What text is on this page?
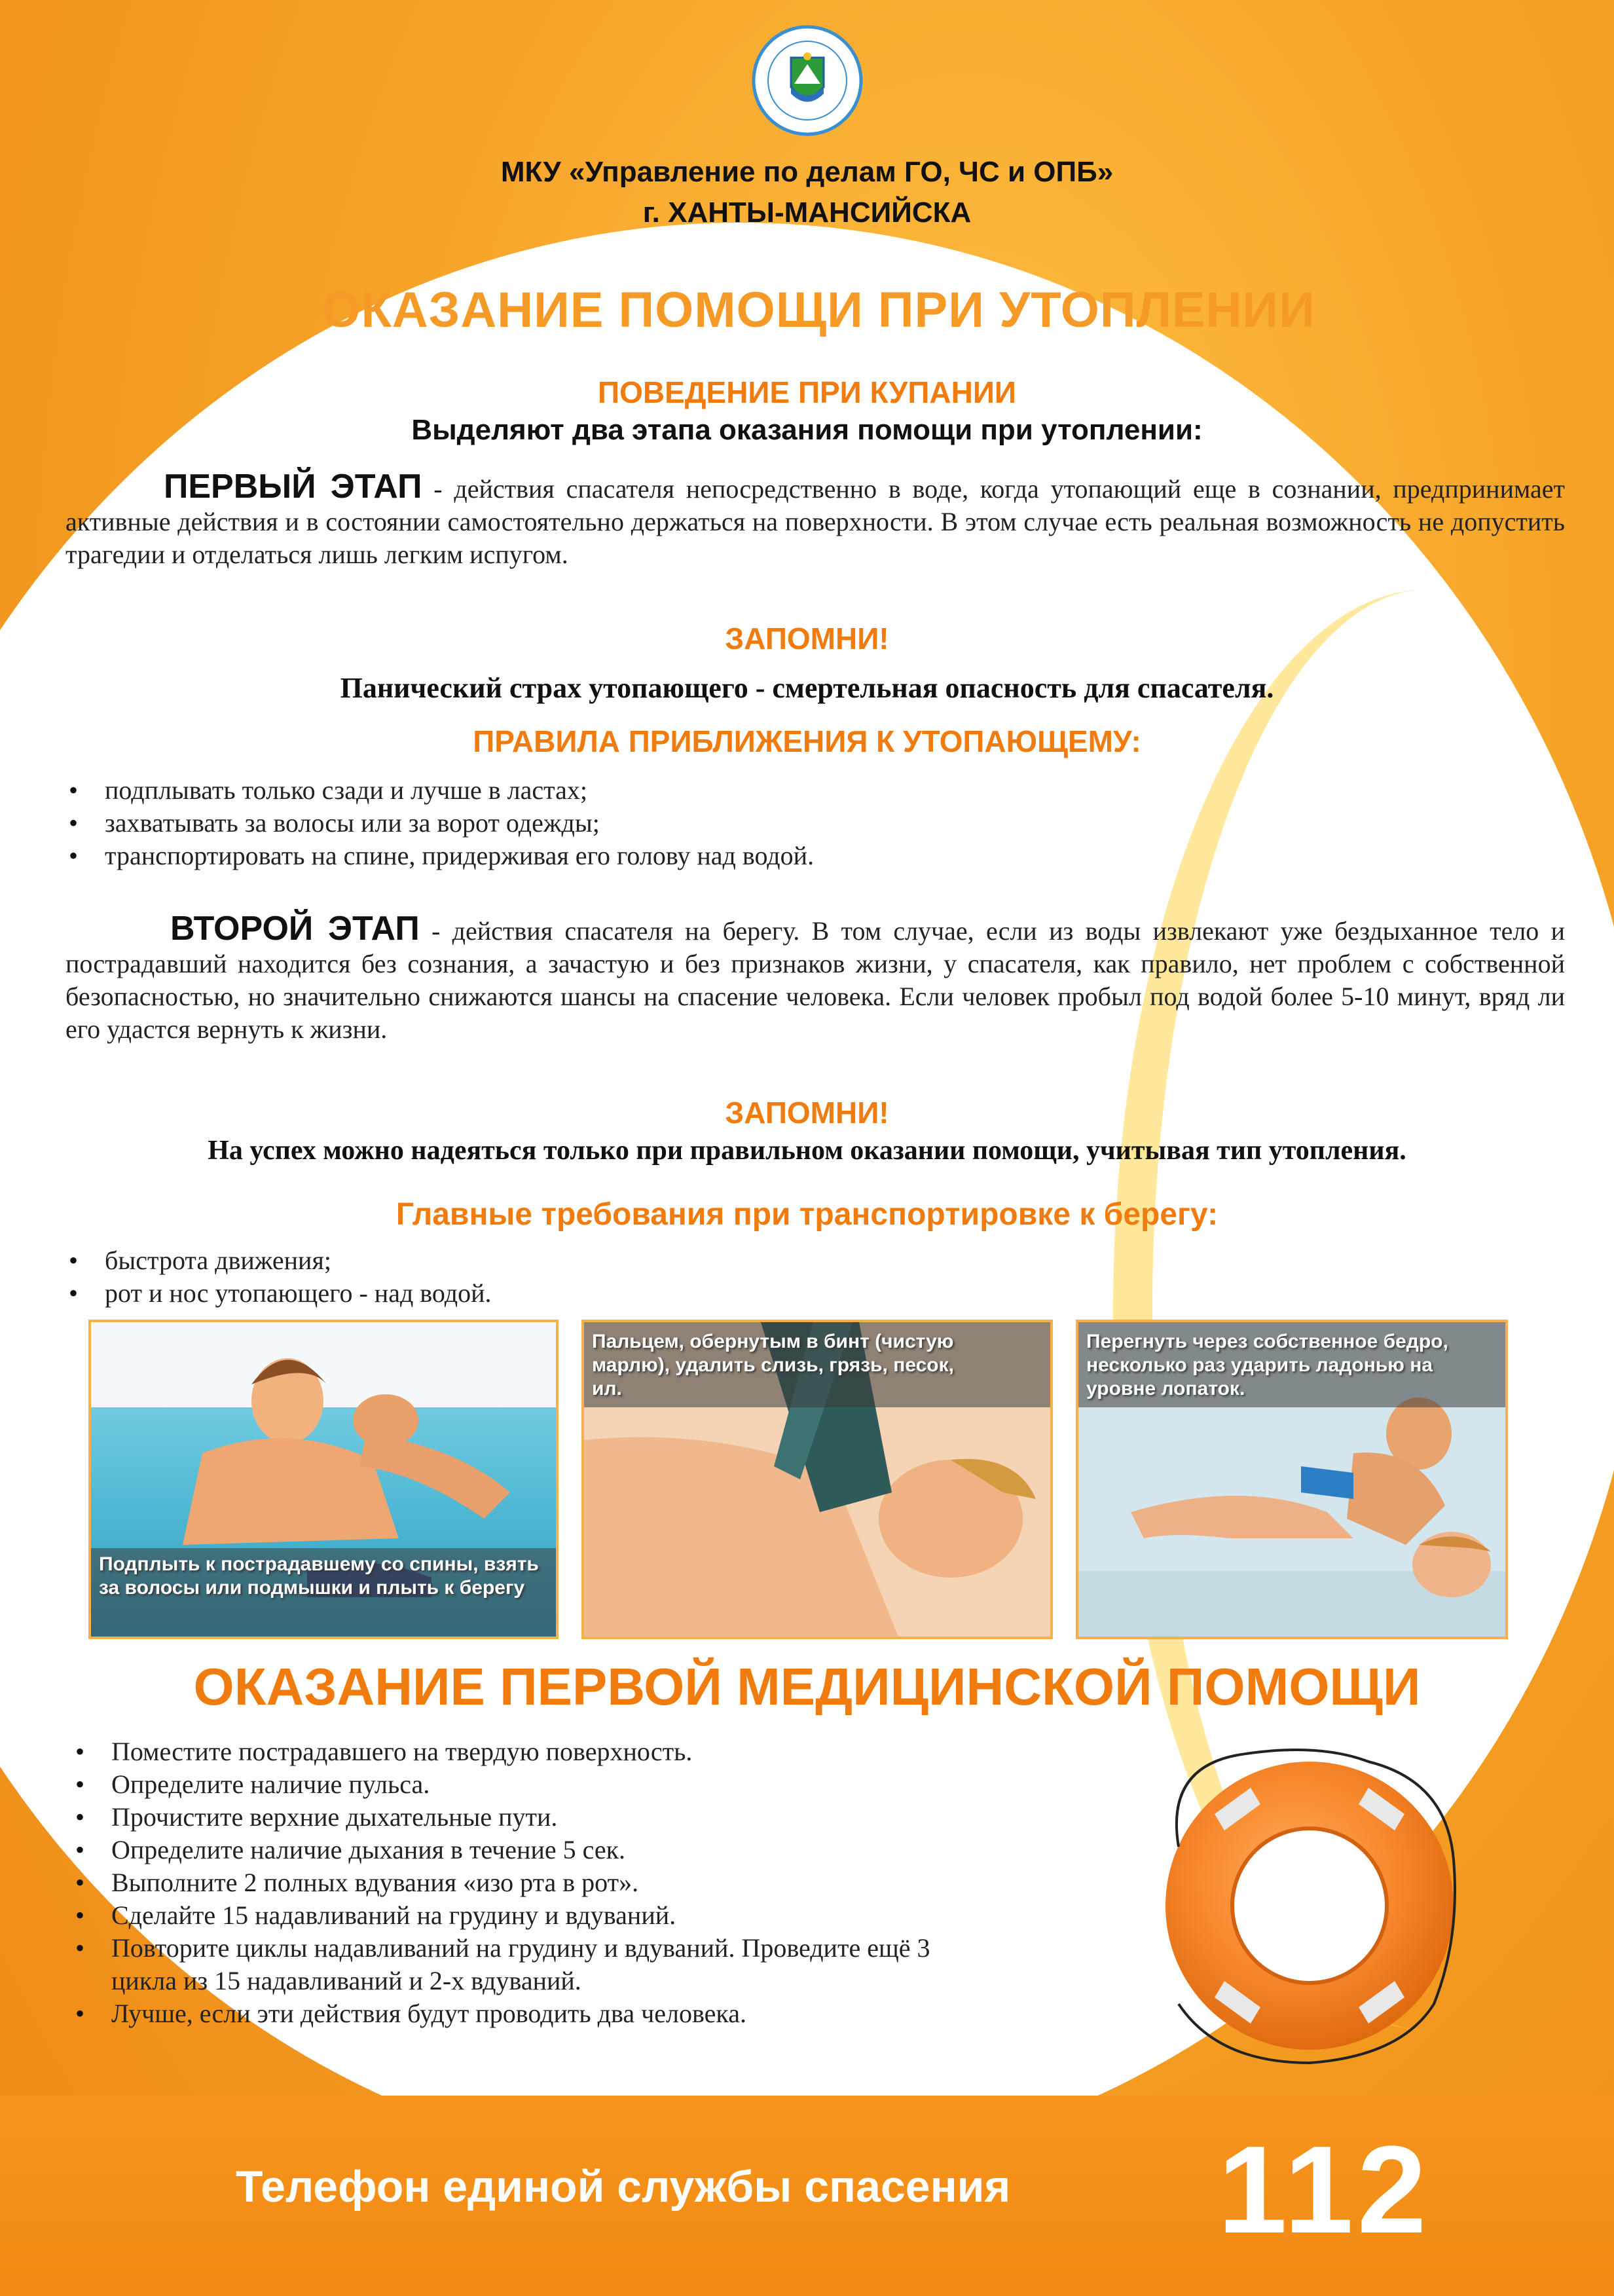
МКУ «Управление по делам ГО, ЧС и ОПБ»
г. ХАНТЫ-МАНСИЙСКА
ОКАЗАНИЕ ПОМОЩИ ПРИ УТОПЛЕНИИ
ПОВЕДЕНИЕ ПРИ КУПАНИИ
Выделяют два этапа оказания помощи при утоплении:
ПЕРВЫЙ ЭТАП - действия спасателя непосредственно в воде, когда утопающий еще в сознании, предпринимает активные действия и в состоянии самостоятельно держаться на поверхности. В этом случае есть реальная возможность не допустить трагедии и отделаться лишь легким испугом.
ЗАПОМНИ!
Панический страх утопающего - смертельная опасность для спасателя.
ПРАВИЛА ПРИБЛИЖЕНИЯ К УТОПАЮЩЕМУ:
• подплывать только сзади и лучше в ластах;
• захватывать за волосы или за ворот одежды;
• транспортировать на спине, придерживая его голову над водой.
ВТОРОЙ ЭТАП - действия спасателя на берегу. В том случае, если из воды извлекают уже бездыханное тело и пострадавший находится без сознания, а зачастую и без признаков жизни, у спасателя, как правило, нет проблем с собственной безопасностью, но значительно снижаются шансы на спасение человека. Если человек пробыл под водой более 5-10 минут, вряд ли его удастся вернуть к жизни.
ЗАПОМНИ!
На успех можно надеяться только при правильном оказании помощи, учитывая тип утопления.
Главные требования при транспортировке к берегу:
• быстрота движения;
• рот и нос утопающего - над водой.
Подплыть к пострадавшему со спины, взять за волосы или подмышки и плыть к берегу
Пальцем, обернутым в бинт (чистую марлю), удалить слизь, грязь, песок, ил.
Перегнуть через собственное бедро, несколько раз ударить ладонью на уровне лопаток.
ОКАЗАНИЕ ПЕРВОЙ МЕДИЦИНСКОЙ ПОМОЩИ
• Поместите пострадавшего на твердую поверхность.
• Определите наличие пульса.
• Прочистите верхние дыхательные пути.
• Определите наличие дыхания в течение 5 сек.
• Выполните 2 полных вдувания «изо рта в рот».
• Сделайте 15 надавливаний на грудину и вдуваний.
• Повторите циклы надавливаний на грудину и вдуваний. Проведите ещё 3 цикла из 15 надавливаний и 2-х вдуваний.
• Лучше, если эти действия будут проводить два человека.
Телефон единой службы спасения 112
